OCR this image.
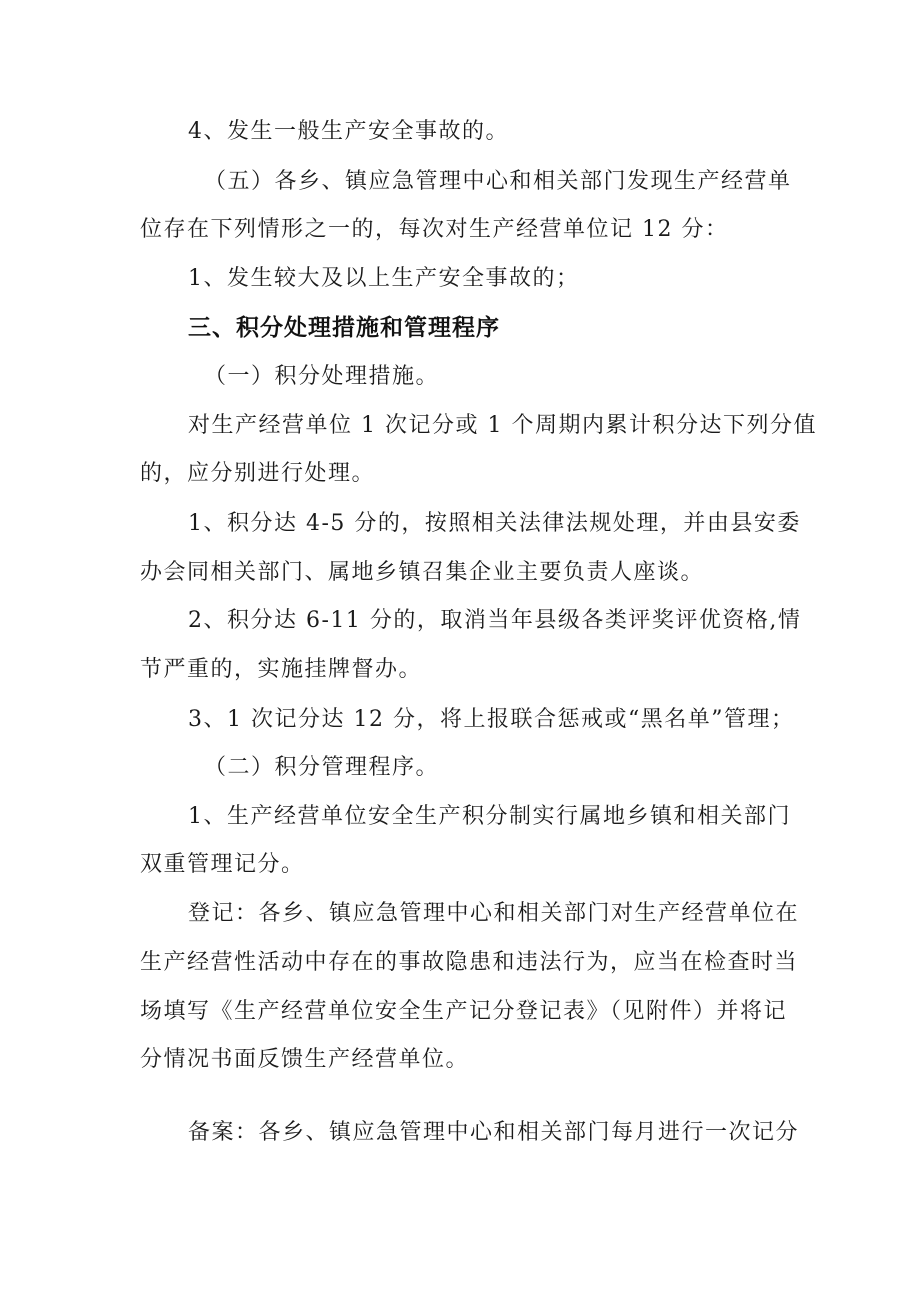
4、发生一般生产安全事故的。
（五）各乡、镇应急管理中心和相关部门发现生产经营单
位存在下列情形之一的，每次对生产经营单位记 12 分：
1、发生较大及以上生产安全事故的；
三、积分处理措施和管理程序
（一）积分处理措施。
对生产经营单位 1 次记分或 1 个周期内累计积分达下列分值
的，应分别进行处理。
1、积分达 4-5 分的，按照相关法律法规处理，并由县安委
办会同相关部门、属地乡镇召集企业主要负责人座谈。
2、积分达 6-11 分的，取消当年县级各类评奖评优资格,情
节严重的，实施挂牌督办。
3、1 次记分达 12 分，将上报联合惩戒或“黑名单”管理；
（二）积分管理程序。
1、生产经营单位安全生产积分制实行属地乡镇和相关部门
双重管理记分。
登记：各乡、镇应急管理中心和相关部门对生产经营单位在
生产经营性活动中存在的事故隐患和违法行为，应当在检查时当
场填写《生产经营单位安全生产记分登记表》（见附件）并将记
分情况书面反馈生产经营单位。
备案：各乡、镇应急管理中心和相关部门每月进行一次记分
